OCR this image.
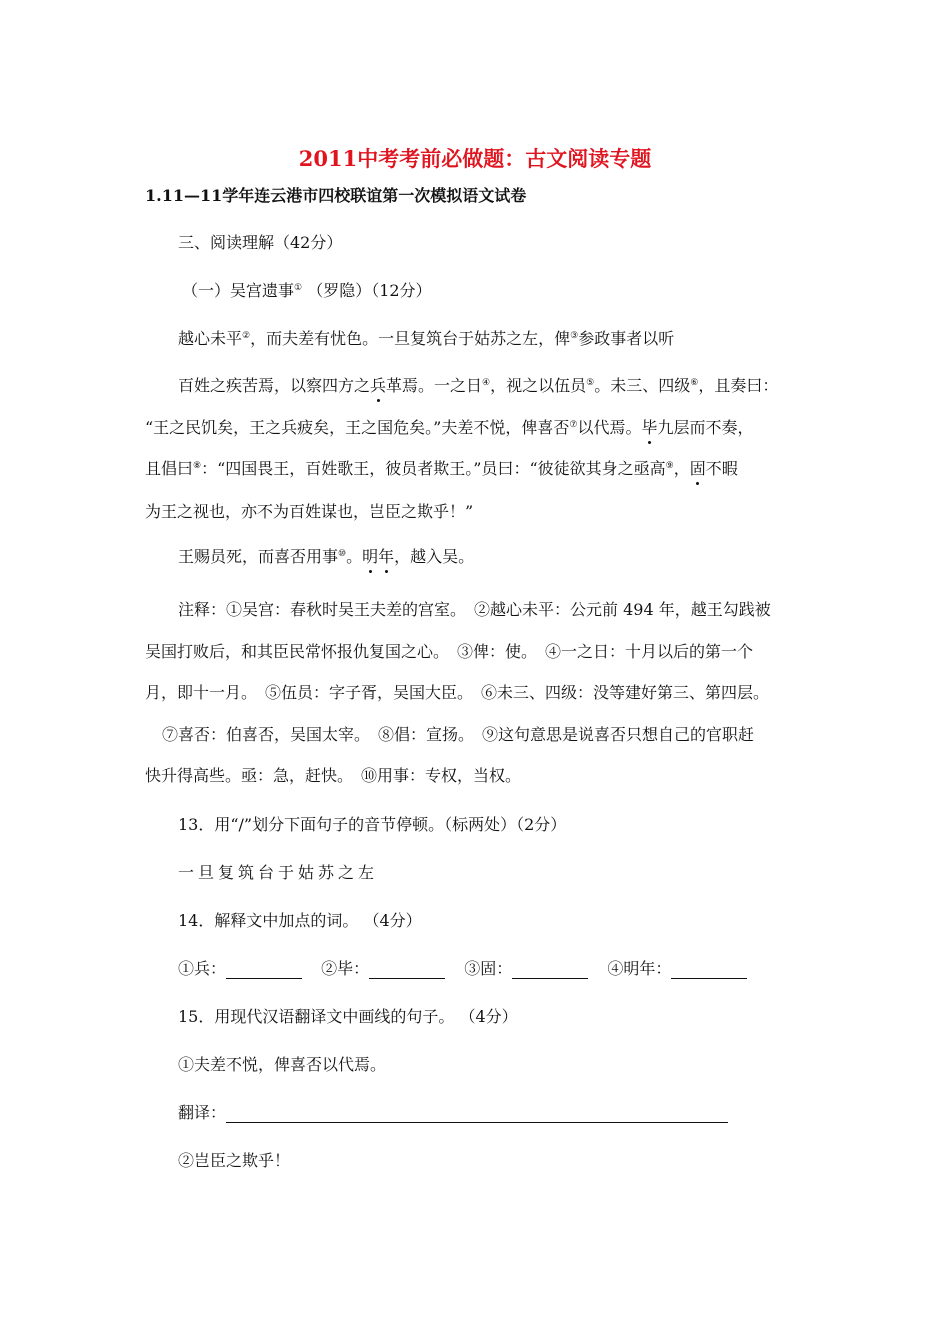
2011中考考前必做题：古文阅读专题
1.11—11学年连云港市四校联谊第一次模拟语文试卷
三、阅读理解（42分）
（一）吴宫遗事① （罗隐）（12分）
越心未平②，而夫差有忧色。一旦复筑台于姑苏之左，俾③参政事者以听
百姓之疾苦焉，以察四方之兵革焉。一之日④，视之以伍员⑤。未三、四级⑥，且奏曰：
“王之民饥矣，王之兵疲矣，王之国危矣。”夫差不悦，俾喜否⑦以代焉。毕九层而不奏，
且倡曰⑧：“四国畏王，百姓歌王，彼员者欺王。”员曰：“彼徒欲其身之亟高⑨，固不暇
为王之视也，亦不为百姓谋也，岂臣之欺乎！”
王赐员死，而喜否用事⑩。明年，越入吴。
注释：①吴宫：春秋时吴王夫差的宫室。　②越心未平：公元前 494 年，越王勾践被
吴国打败后，和其臣民常怀报仇复国之心。　③俾：使。　④一之日：十月以后的第一个
月，即十一月。　⑤伍员：字子胥，吴国大臣。　⑥未三、四级：没等建好第三、第四层。
⑦喜否：伯喜否，吴国太宰。　⑧倡：宣扬。　⑨这句意思是说喜否只想自己的官职赶
快升得高些。亟：急，赶快。　⑩用事：专权，当权。
13．用“/”划分下面句子的音节停顿。（标两处）（2分）
一旦复筑台于姑苏之左
14．解释文中加点的词。 （4分）
①兵：	②毕：	③固：	④明年：
15．用现代汉语翻译文中画线的句子。 （4分）
①夫差不悦，俾喜否以代焉。
翻译：
②岂臣之欺乎！
